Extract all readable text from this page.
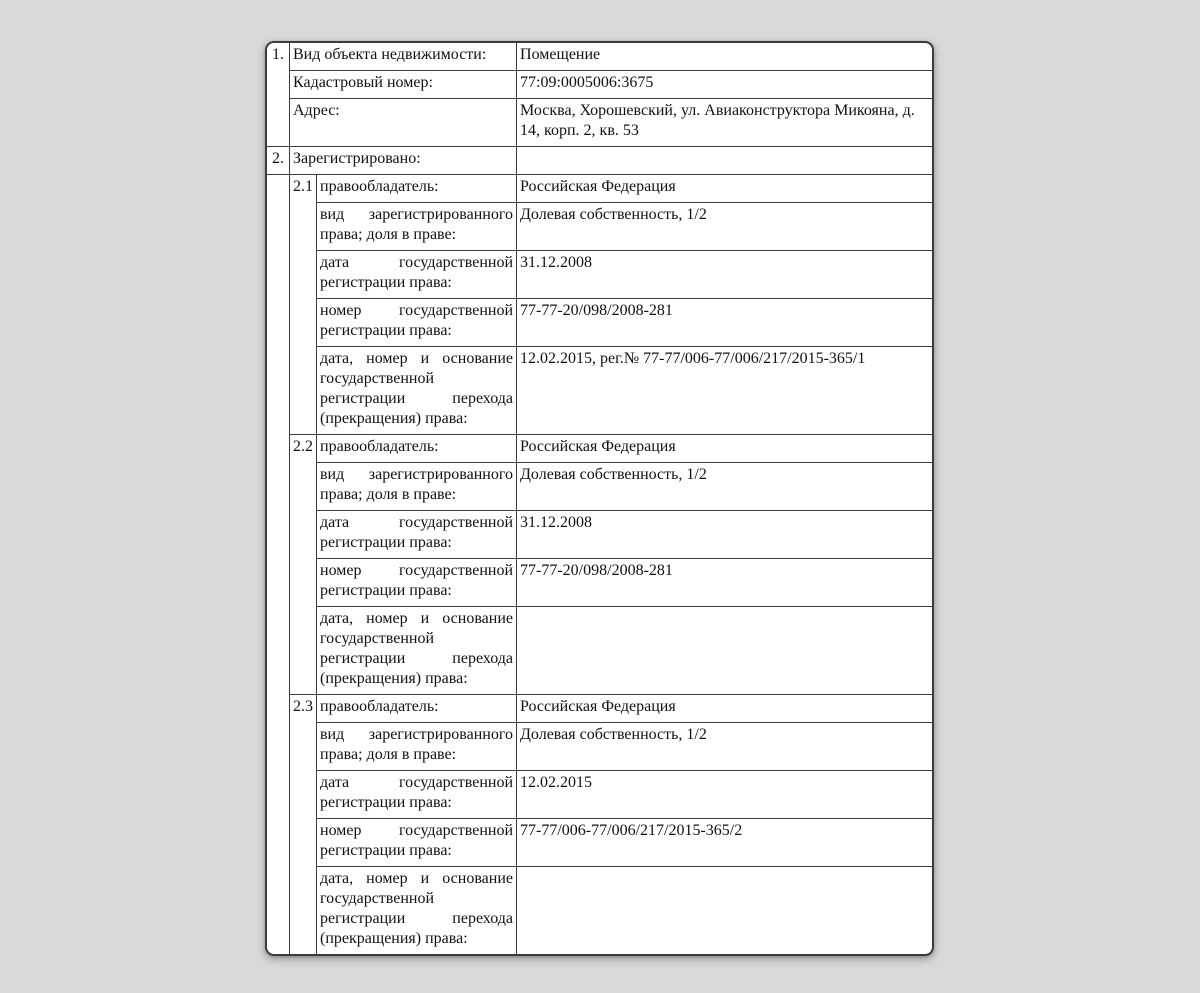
1.	Вид объекта недвижимости:		Помещение
	Кадастровый номер:		77:09:0005006:3675
	Адрес:		Москва, Хорошевский, ул. Авиаконструктора Микояна, д. 14, корп. 2, кв. 53
2.	Зарегистрировано:		
	2.1	правообладатель:	Российская Федерация
		вид зарегистрированного права; доля в праве:	Долевая собственность, 1/2
		дата государственной регистрации права:	31.12.2008
		номер государственной регистрации права:	77-77-20/098/2008-281
		дата, номер и основание государственной регистрации перехода (прекращения) права:	12.02.2015, рег.№ 77-77/006-77/006/217/2015-365/1
	2.2	правообладатель:	Российская Федерация
		вид зарегистрированного права; доля в праве:	Долевая собственность, 1/2
		дата государственной регистрации права:	31.12.2008
		номер государственной регистрации права:	77-77-20/098/2008-281
		дата, номер и основание государственной регистрации перехода (прекращения) права:	
	2.3	правообладатель:	Российская Федерация
		вид зарегистрированного права; доля в праве:	Долевая собственность, 1/2
		дата государственной регистрации права:	12.02.2015
		номер государственной регистрации права:	77-77/006-77/006/217/2015-365/2
		дата, номер и основание государственной регистрации перехода (прекращения) права:	
